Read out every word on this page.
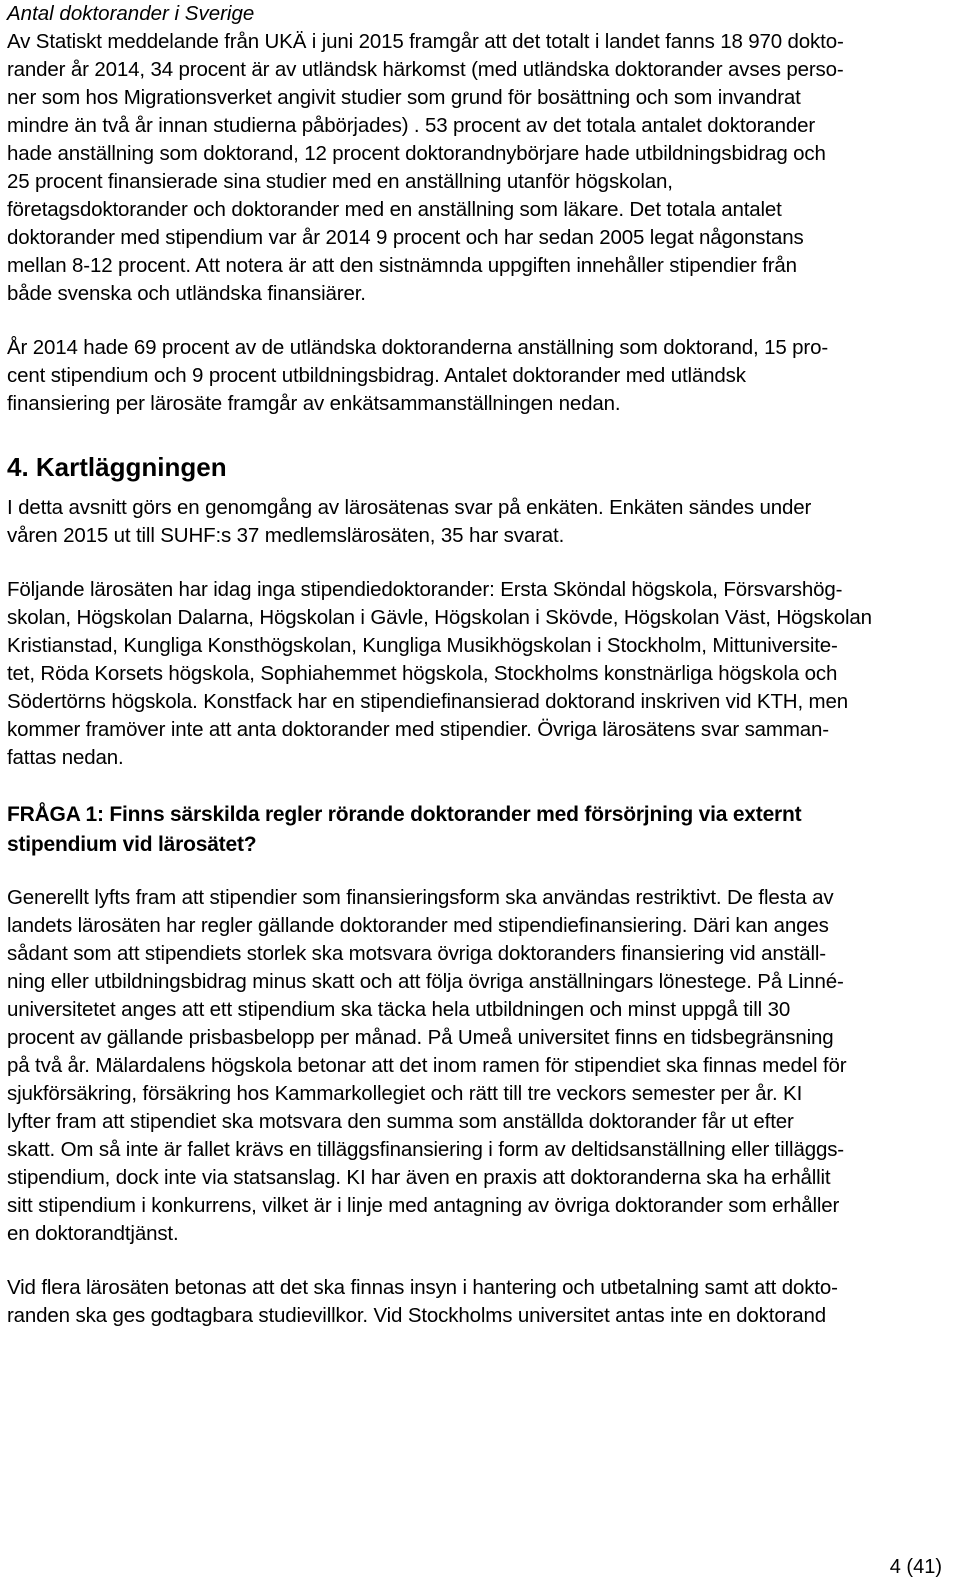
Antal doktorander i Sverige
Av Statiskt meddelande från UKÄ i juni 2015 framgår att det totalt i landet fanns 18 970 dokto-
rander år 2014, 34 procent är av utländsk härkomst (med utländska doktorander avses perso-
ner som hos Migrationsverket angivit studier som grund för bosättning och som invandrat
mindre än två år innan studierna påbörjades) . 53 procent av det totala antalet doktorander
hade anställning som doktorand, 12 procent doktorandnybörjare hade utbildningsbidrag och
25 procent finansierade sina studier med en anställning utanför högskolan,
företagsdoktorander och doktorander med en anställning som läkare. Det totala antalet
doktorander med stipendium var år 2014 9 procent och har sedan 2005 legat någonstans
mellan 8-12 procent. Att notera är att den sistnämnda uppgiften innehåller stipendier från
både svenska och utländska finansiärer.
År 2014 hade 69 procent av de utländska doktoranderna anställning som doktorand, 15 pro-
cent stipendium och 9 procent utbildningsbidrag. Antalet doktorander med utländsk
finansiering per lärosäte framgår av enkätsammanställningen nedan.
4. Kartläggningen
I detta avsnitt görs en genomgång av lärosätenas svar på enkäten. Enkäten sändes under
våren 2015 ut till SUHF:s 37 medlemslärosäten, 35 har svarat.
Följande lärosäten har idag inga stipendiedoktorander: Ersta Sköndal högskola, Försvarshög-
skolan, Högskolan Dalarna, Högskolan i Gävle, Högskolan i Skövde, Högskolan Väst, Högskolan
Kristianstad, Kungliga Konsthögskolan, Kungliga Musikhögskolan i Stockholm, Mittuniversite-
tet, Röda Korsets högskola, Sophiahemmet högskola, Stockholms konstnärliga högskola och
Södertörns högskola. Konstfack har en stipendiefinansierad doktorand inskriven vid KTH, men
kommer framöver inte att anta doktorander med stipendier. Övriga lärosätens svar samman-
fattas nedan.
FRÅGA 1: Finns särskilda regler rörande doktorander med försörjning via externt
stipendium vid lärosätet?
Generellt lyfts fram att stipendier som finansieringsform ska användas restriktivt. De flesta av
landets lärosäten har regler gällande doktorander med stipendiefinansiering. Däri kan anges
sådant som att stipendiets storlek ska motsvara övriga doktoranders finansiering vid anställ-
ning eller utbildningsbidrag minus skatt och att följa övriga anställningars lönestege. På Linné-
universitetet anges att ett stipendium ska täcka hela utbildningen och minst uppgå till 30
procent av gällande prisbasbelopp per månad. På Umeå universitet finns en tidsbegränsning
på två år. Mälardalens högskola betonar att det inom ramen för stipendiet ska finnas medel för
sjukförsäkring, försäkring hos Kammarkollegiet och rätt till tre veckors semester per år. KI
lyfter fram att stipendiet ska motsvara den summa som anställda doktorander får ut efter
skatt. Om så inte är fallet krävs en tilläggsfinansiering i form av deltidsanställning eller tilläggs-
stipendium, dock inte via statsanslag. KI har även en praxis att doktoranderna ska ha erhållit
sitt stipendium i konkurrens, vilket är i linje med antagning av övriga doktorander som erhåller
en doktorandtjänst.
Vid flera lärosäten betonas att det ska finnas insyn i hantering och utbetalning samt att dokto-
randen ska ges godtagbara studievillkor. Vid Stockholms universitet antas inte en doktorand
4 (41)
